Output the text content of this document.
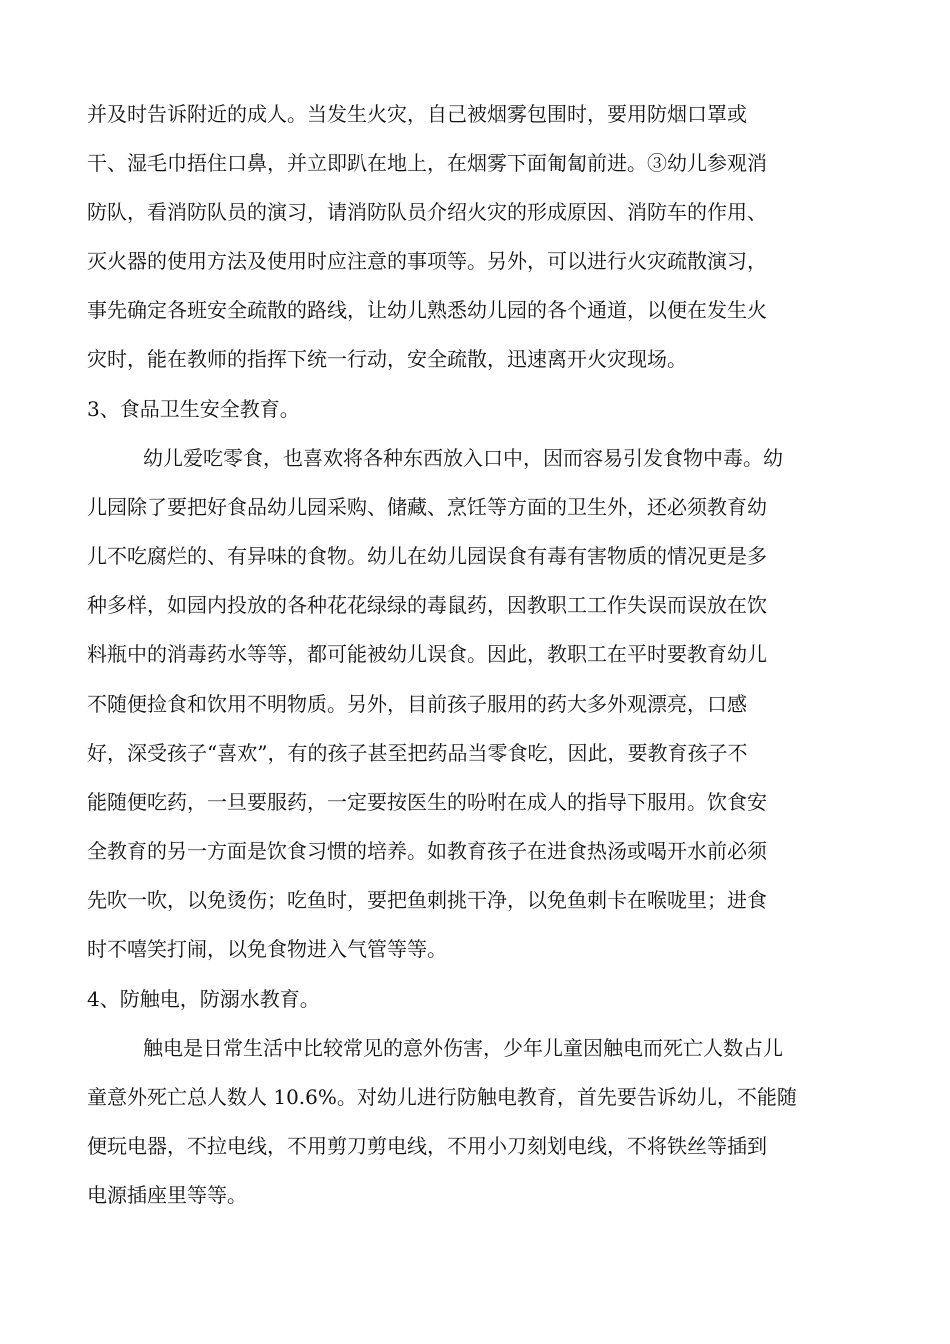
并及时告诉附近的成人。当发生火灾，自己被烟雾包围时，要用防烟口罩或
干、湿毛巾捂住口鼻，并立即趴在地上，在烟雾下面匍匐前进。③幼儿参观消
防队，看消防队员的演习，请消防队员介绍火灾的形成原因、消防车的作用、
灭火器的使用方法及使用时应注意的事项等。另外，可以进行火灾疏散演习，
事先确定各班安全疏散的路线，让幼儿熟悉幼儿园的各个通道，以便在发生火
灾时，能在教师的指挥下统一行动，安全疏散，迅速离开火灾现场。
3、食品卫生安全教育。
幼儿爱吃零食，也喜欢将各种东西放入口中，因而容易引发食物中毒。幼
儿园除了要把好食品幼儿园采购、储藏、烹饪等方面的卫生外，还必须教育幼
儿不吃腐烂的、有异味的食物。幼儿在幼儿园误食有毒有害物质的情况更是多
种多样，如园内投放的各种花花绿绿的毒鼠药，因教职工工作失误而误放在饮
料瓶中的消毒药水等等，都可能被幼儿误食。因此，教职工在平时要教育幼儿
不随便捡食和饮用不明物质。另外，目前孩子服用的药大多外观漂亮，口感
好，深受孩子“喜欢”，有的孩子甚至把药品当零食吃，因此，要教育孩子不
能随便吃药，一旦要服药，一定要按医生的吩咐在成人的指导下服用。饮食安
全教育的另一方面是饮食习惯的培养。如教育孩子在进食热汤或喝开水前必须
先吹一吹，以免烫伤；吃鱼时，要把鱼刺挑干净，以免鱼刺卡在喉咙里；进食
时不嘻笑打闹，以免食物进入气管等等。
4、防触电，防溺水教育。
触电是日常生活中比较常见的意外伤害，少年儿童因触电而死亡人数占儿
童意外死亡总人数人 10.6%。对幼儿进行防触电教育，首先要告诉幼儿，不能随
便玩电器，不拉电线，不用剪刀剪电线，不用小刀刻划电线，不将铁丝等插到
电源插座里等等。
